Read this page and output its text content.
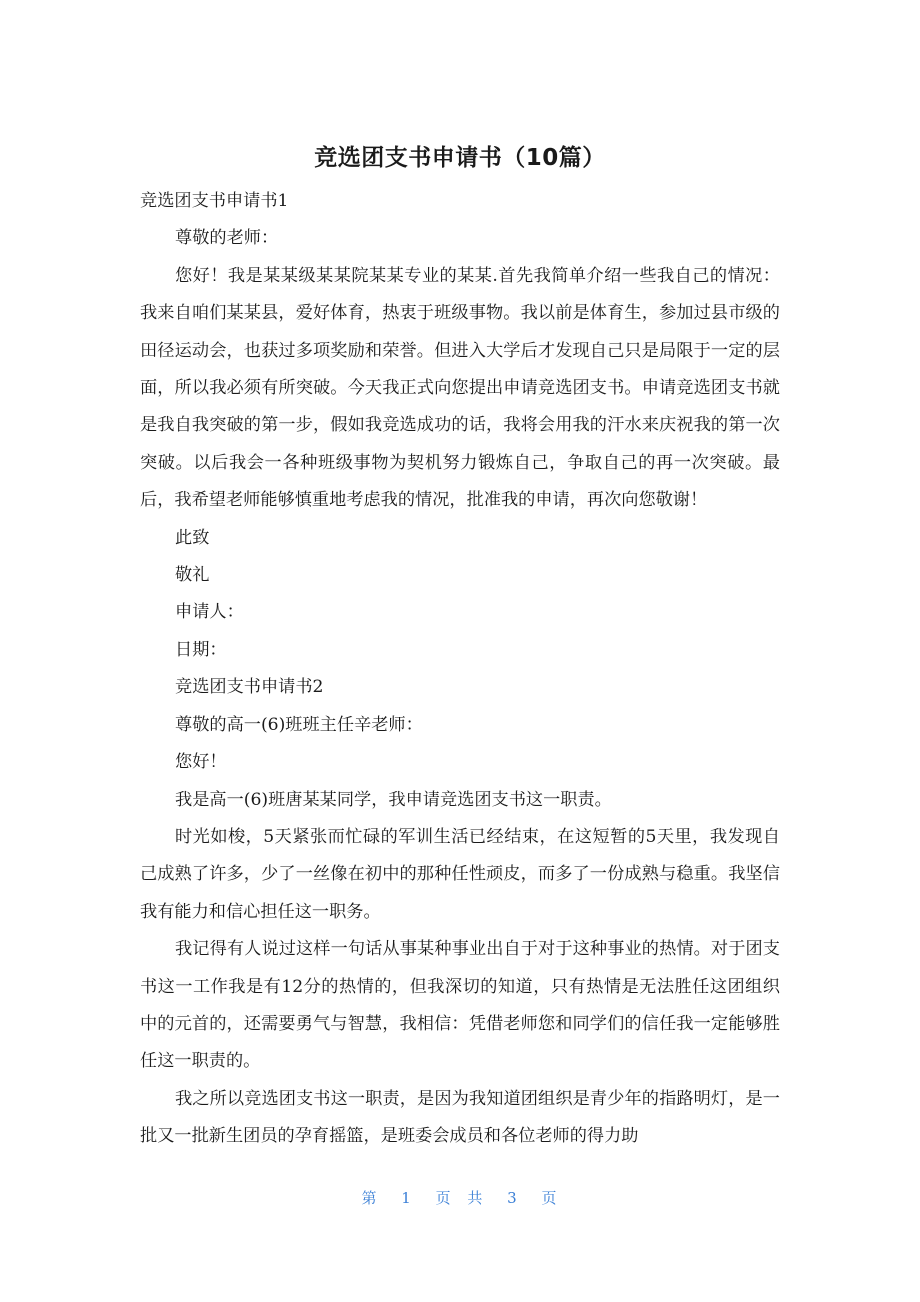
竞选团支书申请书（10篇）

竞选团支书申请书1

尊敬的老师：

您好！我是某某级某某院某某专业的某某.首先我简单介绍一些我自己的情况：我来自咱们某某县，爱好体育，热衷于班级事物。我以前是体育生，参加过县市级的田径运动会，也获过多项奖励和荣誉。但进入大学后才发现自己只是局限于一定的层面，所以我必须有所突破。今天我正式向您提出申请竞选团支书。申请竞选团支书就是我自我突破的第一步，假如我竞选成功的话，我将会用我的汗水来庆祝我的第一次突破。以后我会一各种班级事物为契机努力锻炼自己，争取自己的再一次突破。最后，我希望老师能够慎重地考虑我的情况，批准我的申请，再次向您敬谢！

此致

敬礼

申请人：

日期：

竞选团支书申请书2

尊敬的高一(6)班班主任辛老师：

您好！

我是高一(6)班唐某某同学，我申请竞选团支书这一职责。

时光如梭，5天紧张而忙碌的军训生活已经结束，在这短暂的5天里，我发现自己成熟了许多，少了一丝像在初中的那种任性顽皮，而多了一份成熟与稳重。我坚信我有能力和信心担任这一职务。

我记得有人说过这样一句话从事某种事业出自于对于这种事业的热情。对于团支书这一工作我是有12分的热情的，但我深切的知道，只有热情是无法胜任这团组织中的元首的，还需要勇气与智慧，我相信：凭借老师您和同学们的信任我一定能够胜任这一职责的。

我之所以竞选团支书这一职责，是因为我知道团组织是青少年的指路明灯，是一批又一批新生团员的孕育摇篮，是班委会成员和各位老师的得力助

第 1 页 共 3 页
